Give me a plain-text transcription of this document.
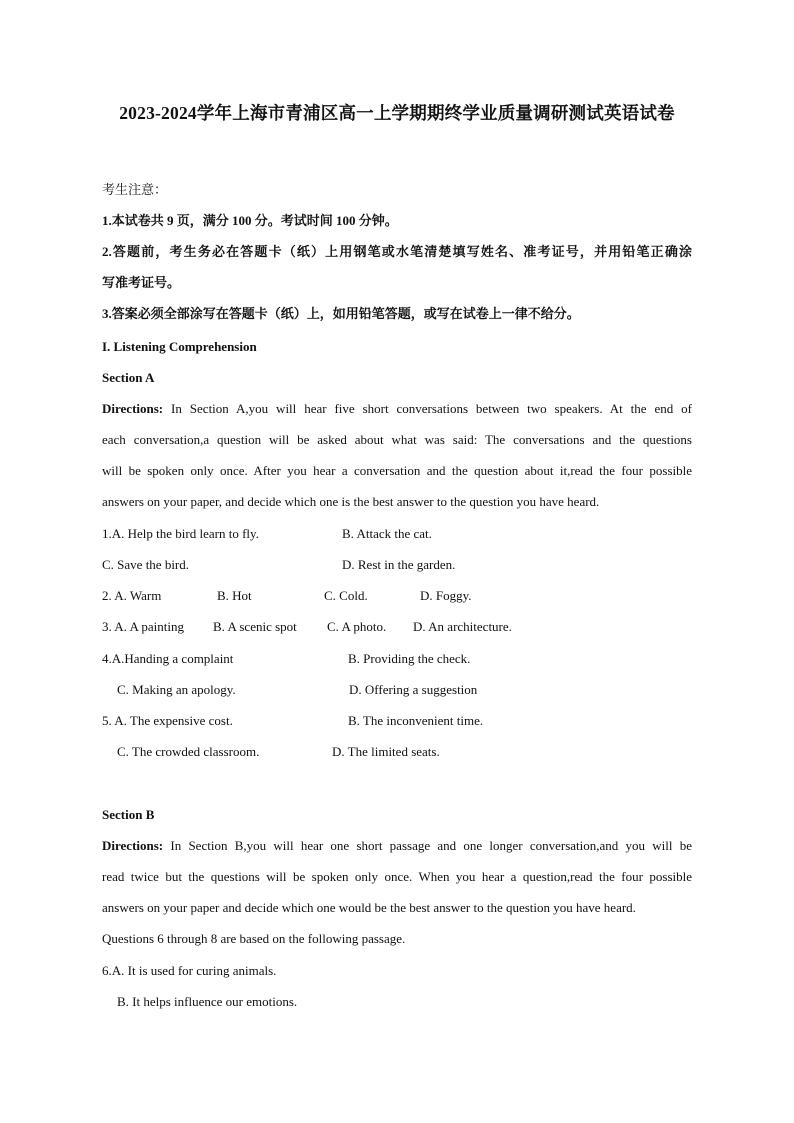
2023-2024学年上海市青浦区高一上学期期终学业质量调研测试英语试卷
考生注意：
1.本试卷共 9 页，满分 100 分。考试时间 100 分钟。
2.答题前，考生务必在答题卡（纸）上用钢笔或水笔清楚填写姓名、准考证号，并用铅笔正确涂
写准考证号。
3.答案必须全部涂写在答题卡（纸）上，如用铅笔答题，或写在试卷上一律不给分。
I. Listening Comprehension
Section A
Directions: In Section A,you will hear five short conversations between two speakers. At the end of
each conversation,a question will be asked about what was said: The conversations and the questions
will be spoken only once. After you hear a conversation and the question about it,read the four possible
answers on your paper, and decide which one is the best answer to the question you have heard.
1.A. Help the bird learn to fly.	B. Attack the cat.
C. Save the bird.	D. Rest in the garden.
2. A. Warm	B. Hot	C. Cold.	D. Foggy.
3. A. A painting B. A scenic spot C. A photo. D. An architecture.
4.A.Handing a complaint	B. Providing the check.
C. Making an apology.	D. Offering a suggestion
5. A. The expensive cost.	B. The inconvenient time.
C. The crowded classroom.	D. The limited seats.
Section B
Directions: In Section B,you will hear one short passage and one longer conversation,and you will be
read twice but the questions will be spoken only once. When you hear a question,read the four possible
answers on your paper and decide which one would be the best answer to the question you have heard.
Questions 6 through 8 are based on the following passage.
6.A. It is used for curing animals.
B. It helps influence our emotions.
